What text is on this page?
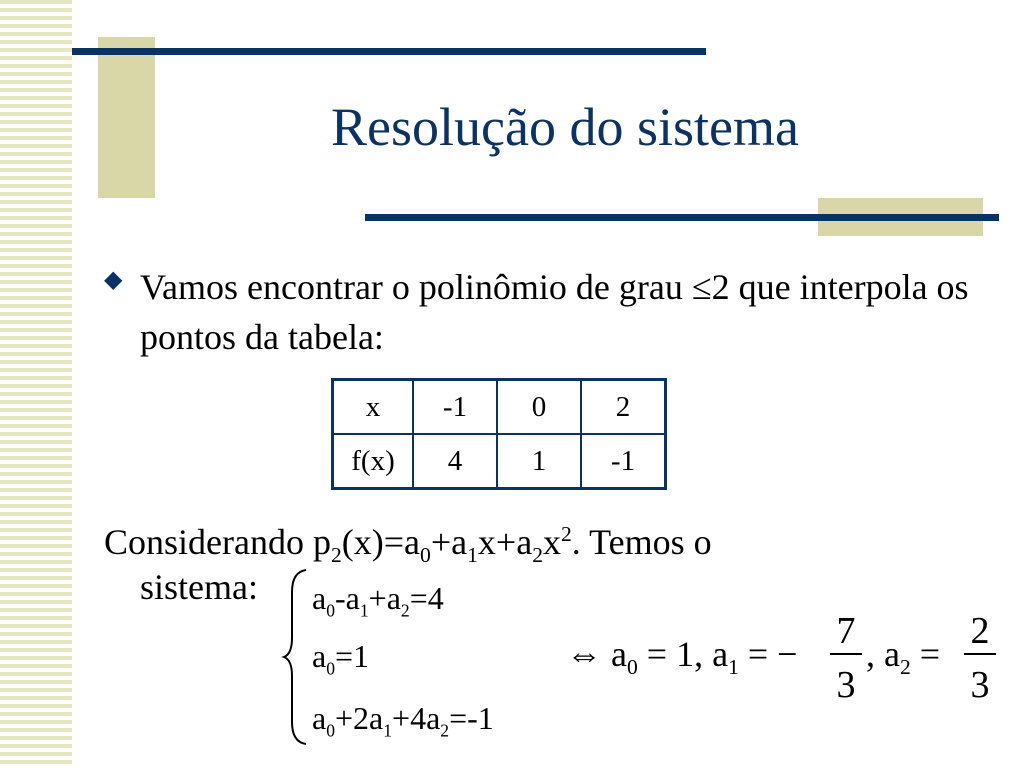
Resolução do sistema
◆ Vamos encontrar o polinômio de grau ≤2 que interpola os pontos da tabela:
x	-1	0	2
f(x)	4	1	-1
Considerando $p_2(x)=a_0+a_1x+a_2x^2$. Temos o
sistema: $a_0-a_1+a_2=4$
$a_0=1$
$a_0+2a_1+4a_2=-1$
⇔ $a_0 = 1$, $a_1$ = −
7
3
, $a_2$ =
2
3
